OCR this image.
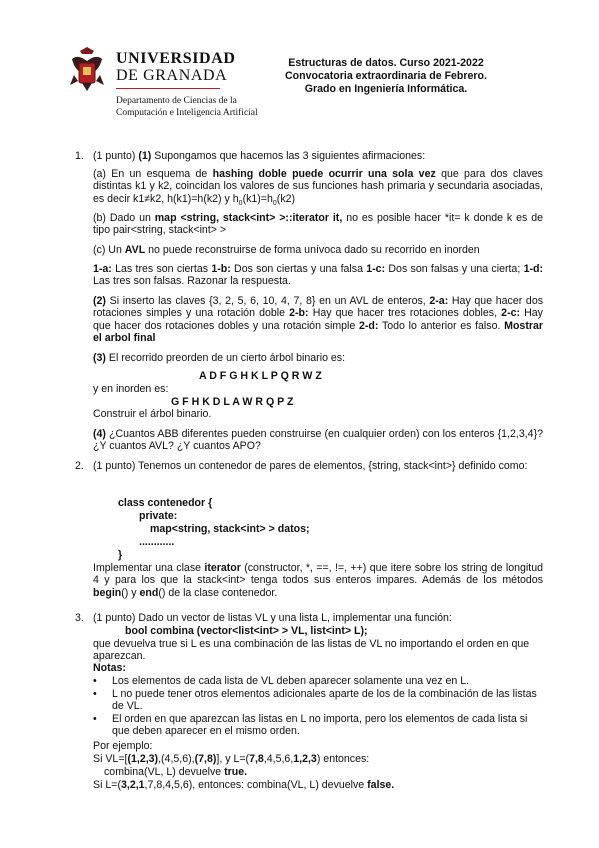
UNIVERSIDAD
DE GRANADA
Departamento de Ciencias de la
Computación e Inteligencia Artificial
Estructuras de datos. Curso 2021-2022
Convocatoria extraordinaria de Febrero.
Grado en Ingeniería Informática.
1. (1 punto) (1) Supongamos que hacemos las 3 siguientes afirmaciones:
(a) En un esquema de hashing doble puede ocurrir una sola vez que para dos claves distintas k1 y k2, coincidan los valores de sus funciones hash primaria y secundaria asociadas, es decir k1≠k2, h(k1)=h(k2) y $h_0(k1)=h_0(k2)$
(b) Dado un map <string, stack<int> >::iterator it, no es posible hacer *it= k donde k es de tipo pair<string, stack<int> >
(c) Un AVL no puede reconstruirse de forma unívoca dado su recorrido en inorden
1-a: Las tres son ciertas 1-b: Dos son ciertas y una falsa 1-c: Dos son falsas y una cierta; 1-d: Las tres son falsas. Razonar la respuesta.
(2) Si inserto las claves {3, 2, 5, 6, 10, 4, 7, 8} en un AVL de enteros, 2-a: Hay que hacer dos rotaciones simples y una rotación doble 2-b: Hay que hacer tres rotaciones dobles, 2-c: Hay que hacer dos rotaciones dobles y una rotación simple 2-d: Todo lo anterior es falso. Mostrar el arbol final
(3) El recorrido preorden de un cierto árbol binario es:
A D F G H K L P Q R W Z
y en inorden es:
G F H K D L A W R Q P Z
Construir el árbol binario.
(4) ¿Cuantos ABB diferentes pueden construirse (en cualquier orden) con los enteros {1,2,3,4}? ¿Y cuantos AVL? ¿Y cuantos APO?
2. (1 punto) Tenemos un contenedor de pares de elementos, {string, stack<int>} definido como:
class contenedor {
private:
map<string, stack<int> > datos;
............
}
Implementar una clase iterator (constructor, *, ==, !=, ++) que itere sobre los string de longitud 4 y para los que la stack<int> tenga todos sus enteros impares. Además de los métodos begin() y end() de la clase contenedor.
3. (1 punto) Dado un vector de listas VL y una lista L, implementar una función:
bool combina (vector<list<int> > VL, list<int> L);
que devuelva true si L es una combinación de las listas de VL no importando el orden en que aparezcan.
Notas:
• Los elementos de cada lista de VL deben aparecer solamente una vez en L.
• L no puede tener otros elementos adicionales aparte de los de la combinación de las listas de VL.
• El orden en que aparezcan las listas en L no importa, pero los elementos de cada lista si que deben aparecer en el mismo orden.
Por ejemplo:
Si VL=[(1,2,3),(4,5,6),(7,8)], y L=(7,8,4,5,6,1,2,3) entonces:
combina(VL, L) devuelve true.
Si L=(3,2,1,7,8,4,5,6), entonces: combina(VL, L) devuelve false.
